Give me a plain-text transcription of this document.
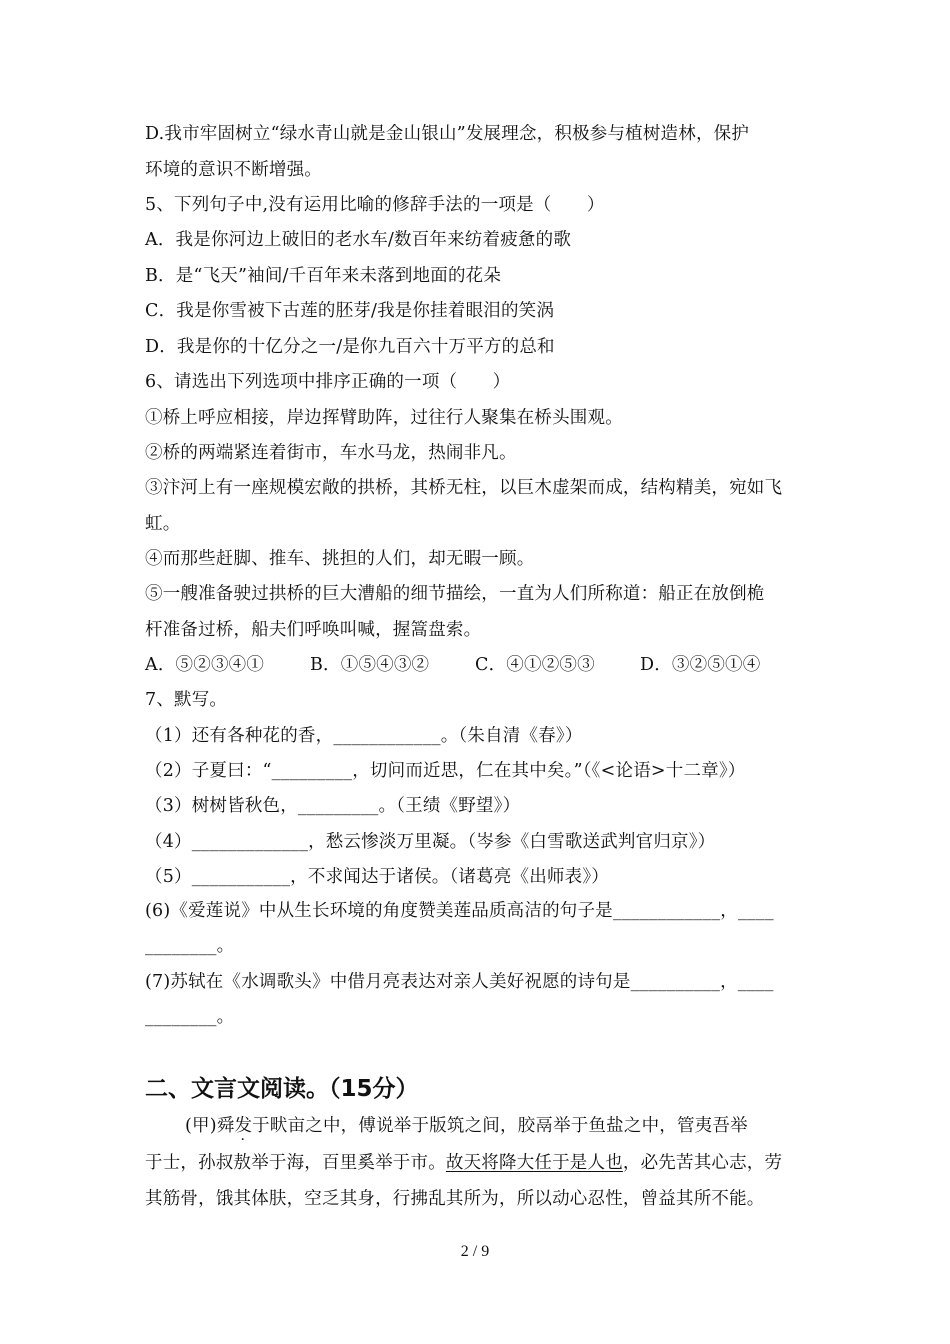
D.我市牢固树立“绿水青山就是金山银山”发展理念，积极参与植树造林，保护
环境的意识不断增强。
5、下列句子中,没有运用比喻的修辞手法的一项是（　　）
A．我是你河边上破旧的老水车/数百年来纺着疲惫的歌
B．是“飞天”袖间/千百年来未落到地面的花朵
C．我是你雪被下古莲的胚芽/我是你挂着眼泪的笑涡
D．我是你的十亿分之一/是你九百六十万平方的总和
6、请选出下列选项中排序正确的一项（　　）
①桥上呼应相接，岸边挥臂助阵，过往行人聚集在桥头围观。
②桥的两端紧连着街市，车水马龙，热闹非凡。
③汴河上有一座规模宏敞的拱桥，其桥无柱，以巨木虚架而成，结构精美，宛如飞
虹。
④而那些赶脚、推车、挑担的人们，却无暇一顾。
⑤一艘准备驶过拱桥的巨大漕船的细节描绘，一直为人们所称道：船正在放倒桅
杆准备过桥，船夫们呼唤叫喊，握篙盘索。
A．⑤②③④①	B．①⑤④③②	C．④①②⑤③	D．③②⑤①④
7、默写。
（1）还有各种花的香，____________。（朱自清《春》）
（2）子夏曰：“_________，切问而近思，仁在其中矣。”（《<论语>十二章》）
（3）树树皆秋色，_________。（王绩《野望》）
（4）_____________，愁云惨淡万里凝。（岑参《白雪歌送武判官归京》）
（5）___________，不求闻达于诸侯。（诸葛亮《出师表》）
(6)《爱莲说》中从生长环境的角度赞美莲品质高洁的句子是____________，____
________。
(7)苏轼在《水调歌头》中借月亮表达对亲人美好祝愿的诗句是__________，____
________。
二、文言文阅读。（15分）
(甲)舜发于畎亩之中，傅说举于版筑之间，胶鬲举于鱼盐之中，管夷吾举
于士，孙叔敖举于海，百里奚举于市。故天将降大任于是人也，必先苦其心志，劳
其筋骨，饿其体肤，空乏其身，行拂乱其所为，所以动心忍性，曾益其所不能。
2 / 9
